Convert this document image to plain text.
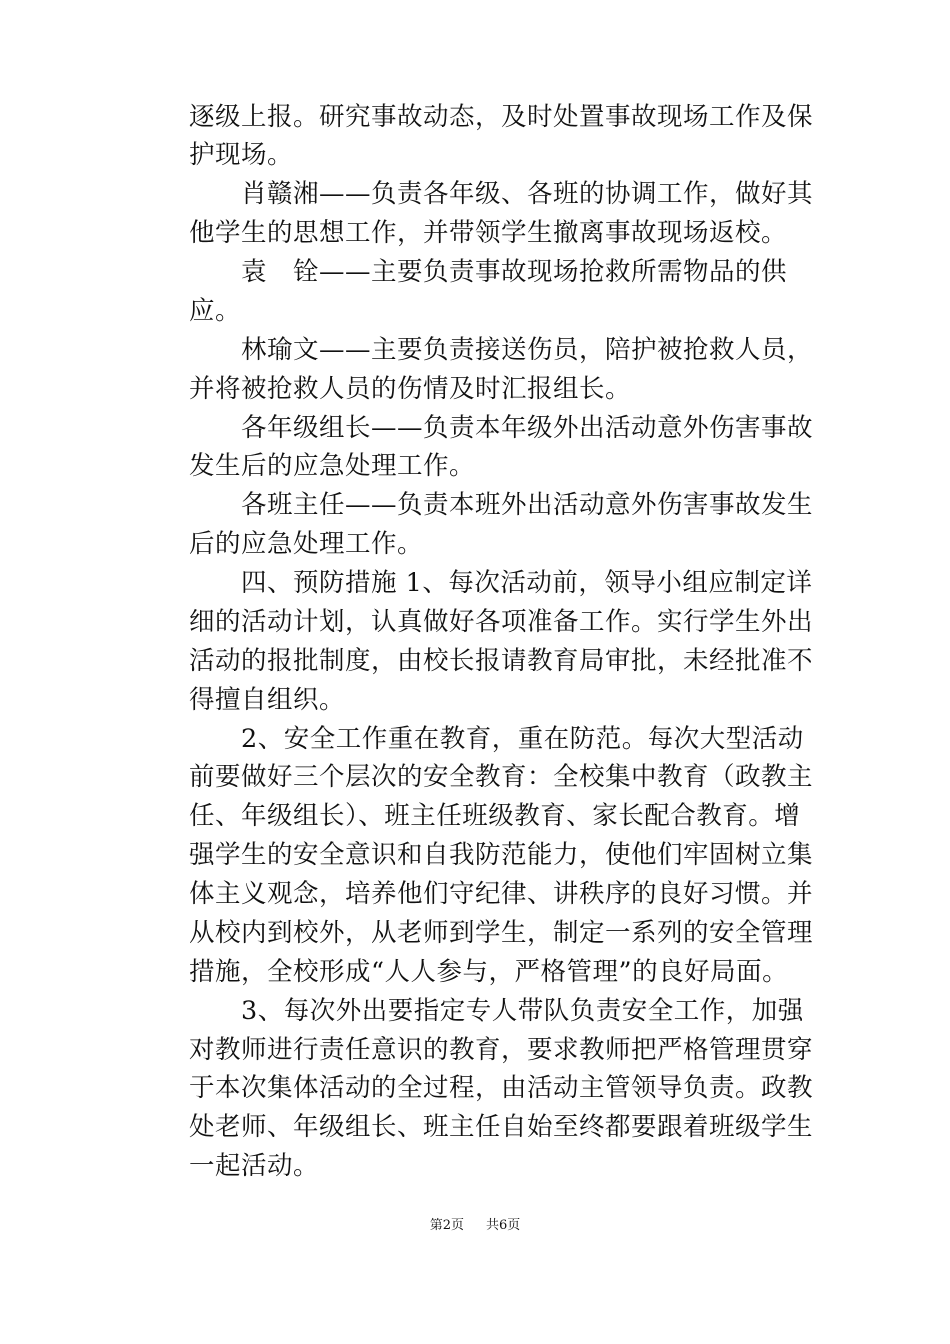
逐级上报。研究事故动态，及时处置事故现场工作及保
护现场。
肖赣湘——负责各年级、各班的协调工作，做好其
他学生的思想工作，并带领学生撤离事故现场返校。
袁　铨——主要负责事故现场抢救所需物品的供
应。
林瑜文——主要负责接送伤员，陪护被抢救人员，
并将被抢救人员的伤情及时汇报组长。
各年级组长——负责本年级外出活动意外伤害事故
发生后的应急处理工作。
各班主任——负责本班外出活动意外伤害事故发生
后的应急处理工作。
四、预防措施 1、每次活动前，领导小组应制定详
细的活动计划，认真做好各项准备工作。实行学生外出
活动的报批制度，由校长报请教育局审批，未经批准不
得擅自组织。
2、安全工作重在教育，重在防范。每次大型活动
前要做好三个层次的安全教育：全校集中教育（政教主
任、年级组长）、班主任班级教育、家长配合教育。增
强学生的安全意识和自我防范能力，使他们牢固树立集
体主义观念，培养他们守纪律、讲秩序的良好习惯。并
从校内到校外，从老师到学生，制定一系列的安全管理
措施，全校形成“人人参与，严格管理”的良好局面。
3、每次外出要指定专人带队负责安全工作，加强
对教师进行责任意识的教育，要求教师把严格管理贯穿
于本次集体活动的全过程，由活动主管领导负责。政教
处老师、年级组长、班主任自始至终都要跟着班级学生
一起活动。
第2页 共6页
